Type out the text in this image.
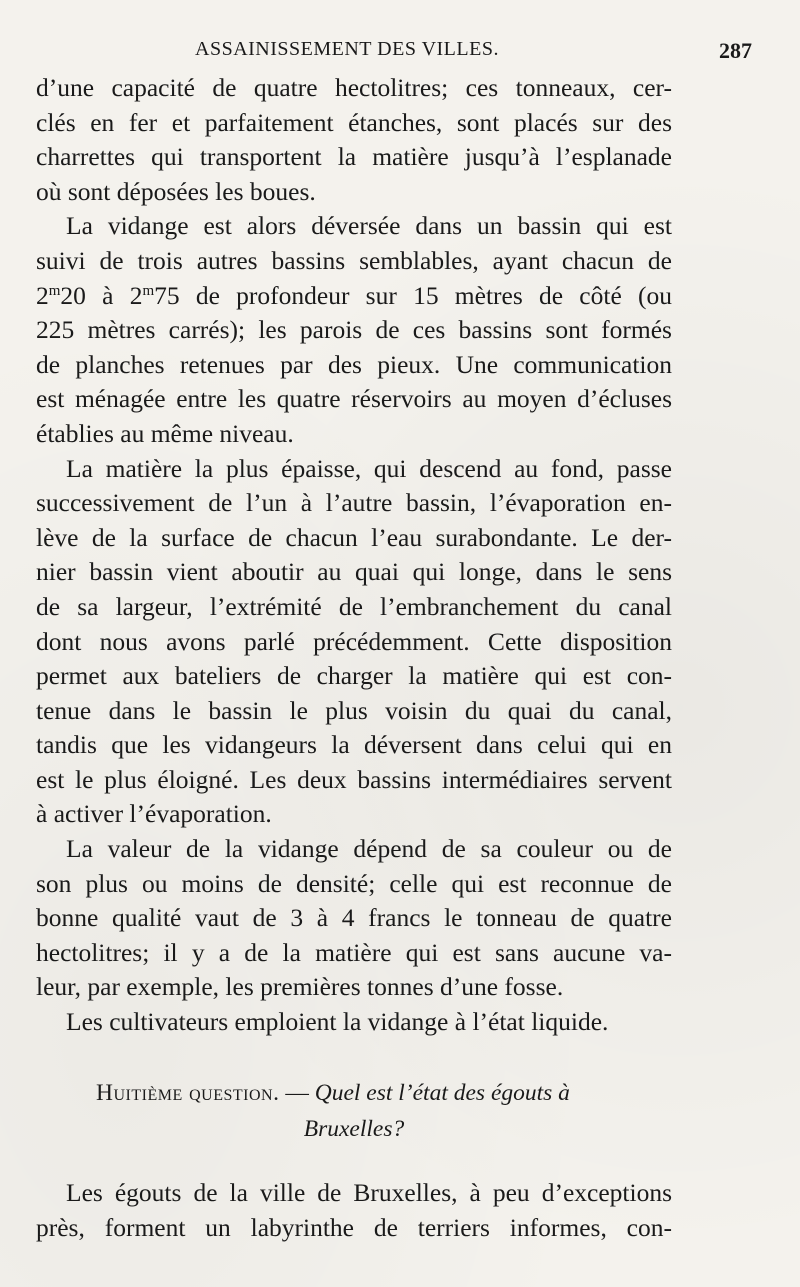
ASSAINISSEMENT DES VILLES.	287
d’une capacité de quatre hectolitres; ces tonneaux, cer-
clés en fer et parfaitement étanches, sont placés sur des
charrettes qui transportent la matière jusqu’à l’esplanade
où sont déposées les boues.
La vidange est alors déversée dans un bassin qui est
suivi de trois autres bassins semblables, ayant chacun de
2$^m$20 à 2$^m$75 de profondeur sur 15 mètres de côté (ou
225 mètres carrés); les parois de ces bassins sont formés
de planches retenues par des pieux. Une communication
est ménagée entre les quatre réservoirs au moyen d’écluses
établies au même niveau.
La matière la plus épaisse, qui descend au fond, passe
successivement de l’un à l’autre bassin, l’évaporation en-
lève de la surface de chacun l’eau surabondante. Le der-
nier bassin vient aboutir au quai qui longe, dans le sens
de sa largeur, l’extrémité de l’embranchement du canal
dont nous avons parlé précédemment. Cette disposition
permet aux bateliers de charger la matière qui est con-
tenue dans le bassin le plus voisin du quai du canal,
tandis que les vidangeurs la déversent dans celui qui en
est le plus éloigné. Les deux bassins intermédiaires servent
à activer l’évaporation.
La valeur de la vidange dépend de sa couleur ou de
son plus ou moins de densité; celle qui est reconnue de
bonne qualité vaut de 3 à 4 francs le tonneau de quatre
hectolitres; il y a de la matière qui est sans aucune va-
leur, par exemple, les premières tonnes d’une fosse.
Les cultivateurs emploient la vidange à l’état liquide.
Huitième question. — Quel est l’état des égouts à
Bruxelles?
Les égouts de la ville de Bruxelles, à peu d’exceptions
près, forment un labyrinthe de terriers informes, con-
